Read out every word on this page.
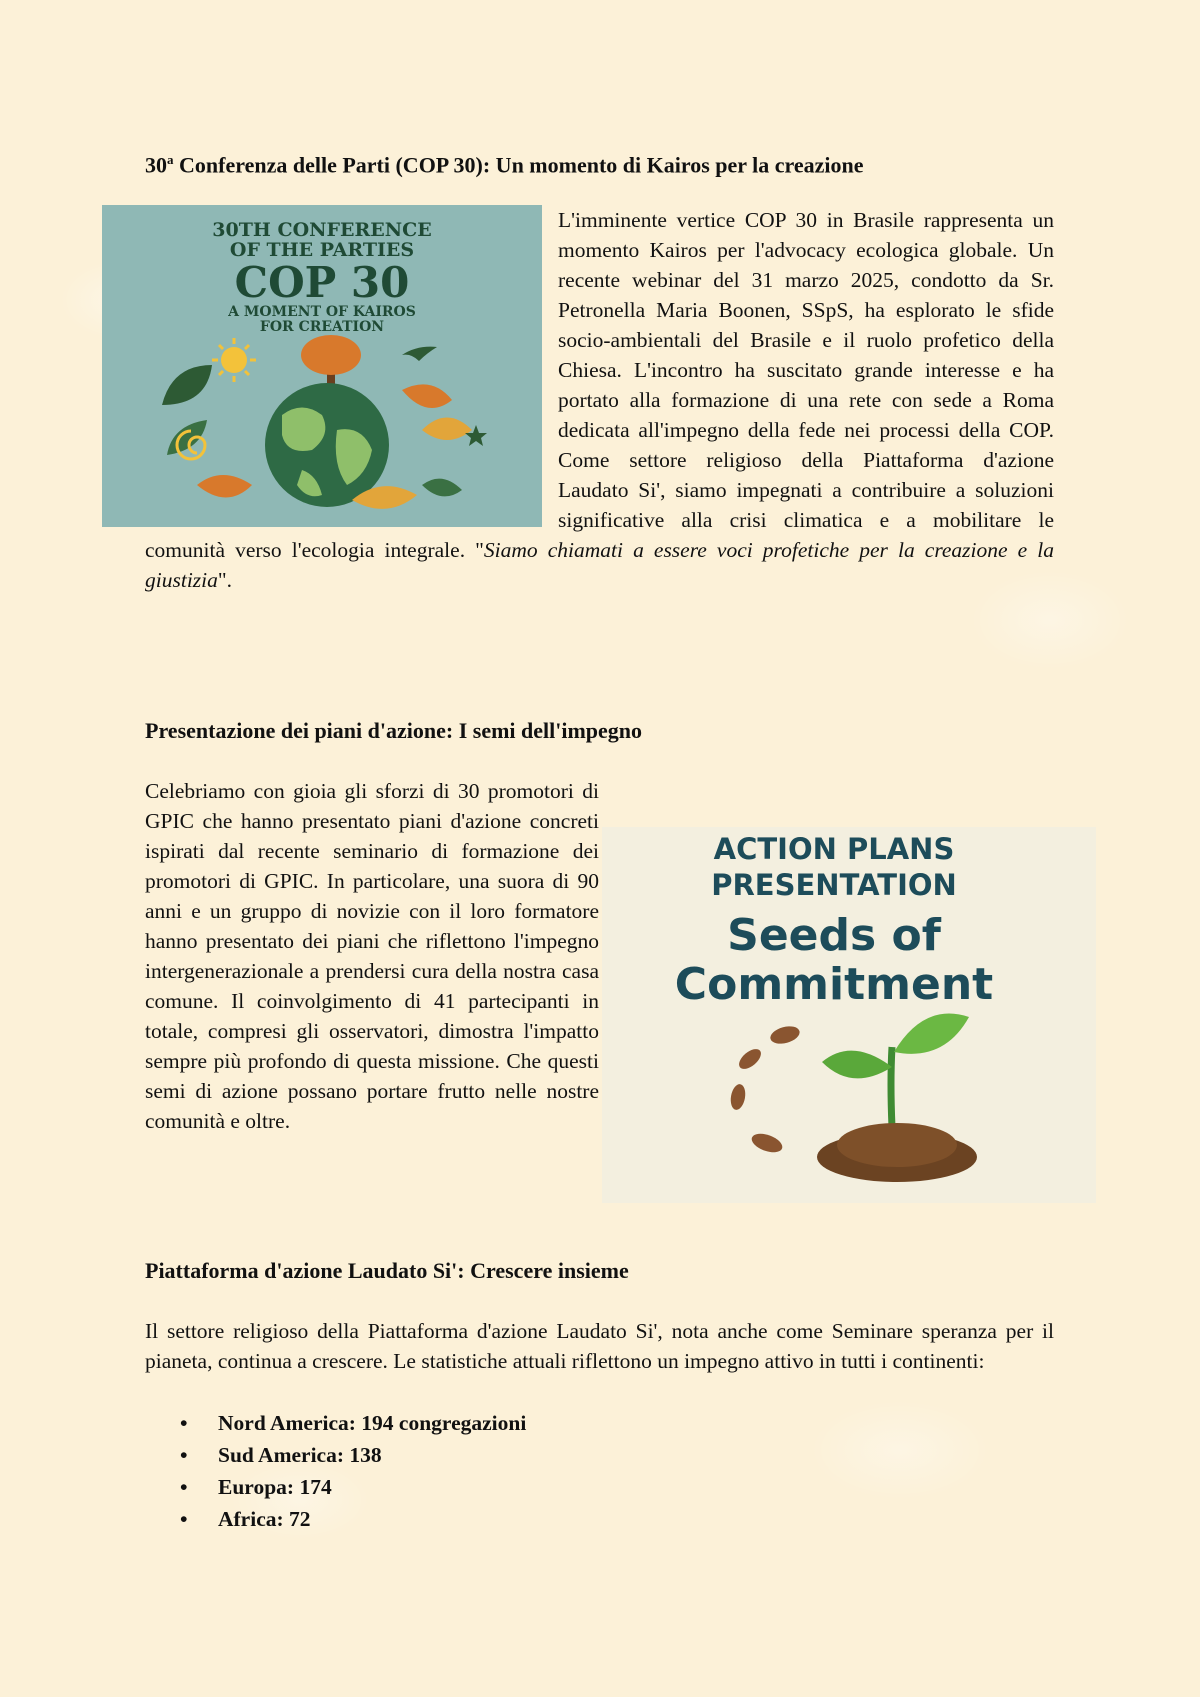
30$^a$ Conferenza delle Parti (COP 30): Un momento di Kairos per la creazione

L'imminente vertice COP 30 in Brasile rappresenta un momento Kairos per l'advocacy ecologica globale. Un recente webinar del 31 marzo 2025, condotto da Sr. Petronella Maria Boonen, SSpS, ha esplorato le sfide socio-ambientali del Brasile e il ruolo profetico della Chiesa. L'incontro ha suscitato grande interesse e ha portato alla formazione di una rete con sede a Roma dedicata all'impegno della fede nei processi della COP. Come settore religioso della Piattaforma d'azione Laudato Si', siamo impegnati a contribuire a soluzioni significative alla crisi climatica e a mobilitare le comunità verso l'ecologia integrale. "Siamo chiamati a essere voci profetiche per la creazione e la giustizia".

30TH CONFERENCE
OF THE PARTIES
COP 30
A MOMENT OF KAIROS
FOR CREATION
Presentazione dei piani d'azione: I semi dell'impegno

Celebriamo con gioia gli sforzi di 30 promotori di GPIC che hanno presentato piani d'azione concreti ispirati dal recente seminario di formazione dei promotori di GPIC. In particolare, una suora di 90 anni e un gruppo di novizie con il loro formatore hanno presentato dei piani che riflettono l'impegno intergenerazionale a prendersi cura della nostra casa comune. Il coinvolgimento di 41 partecipanti in totale, compresi gli osservatori, dimostra l'impatto sempre più profondo di questa missione. Che questi semi di azione possano portare frutto nelle nostre comunità e oltre.

ACTION PLANS
PRESENTATION
Seeds of
Commitment
Piattaforma d'azione Laudato Si': Crescere insieme

Il settore religioso della Piattaforma d'azione Laudato Si', nota anche come Seminare speranza per il pianeta, continua a crescere. Le statistiche attuali riflettono un impegno attivo in tutti i continenti:

• Nord America: 194 congregazioni
• Sud America: 138
• Europa: 174
• Africa: 72
